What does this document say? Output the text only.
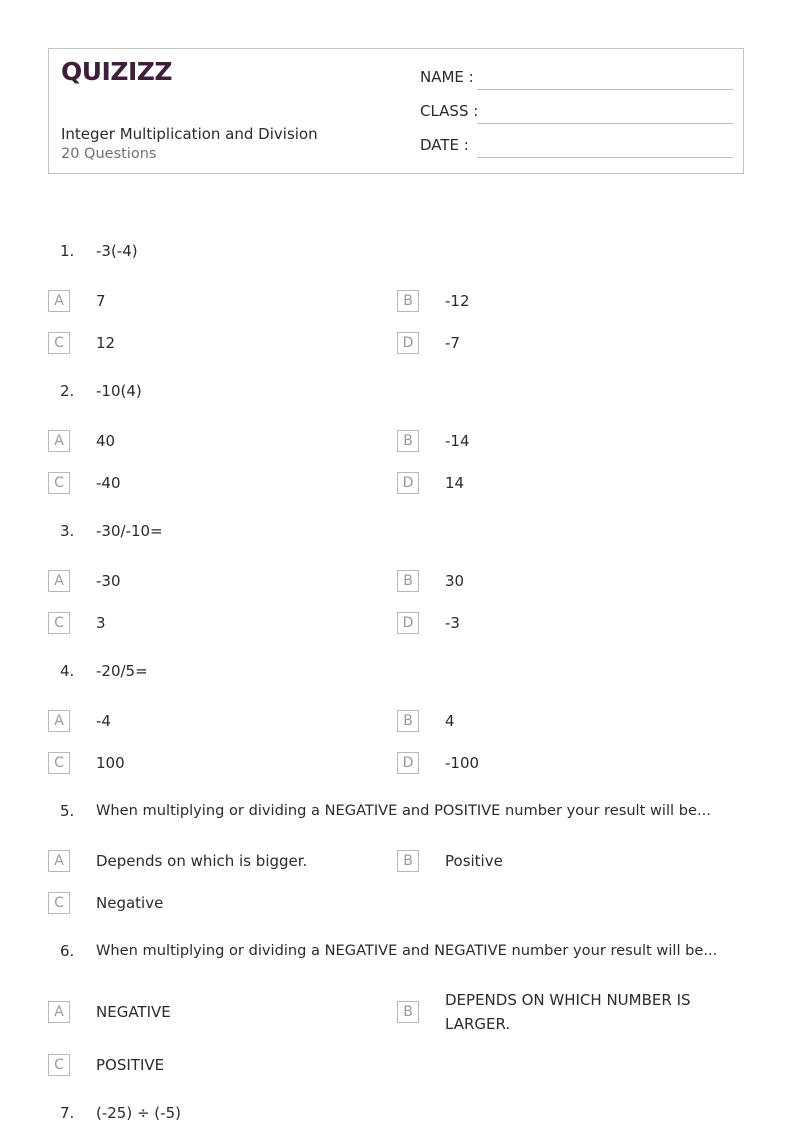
QUIZIZZ
Integer Multiplication and Division
20 Questions
NAME :
CLASS :
DATE :
1. -3(-4)
A	7	B	-12
C	12	D	-7
2. -10(4)
A	40	B	-14
C	-40	D	14
3. -30/-10=
A	-30	B	30
C	3	D	-3
4. -20/5=
A	-4	B	4
C	100	D	-100
5. When multiplying or dividing a NEGATIVE and POSITIVE number your result will be...
A	Depends on which is bigger.	B	Positive
C	Negative
6. When multiplying or dividing a NEGATIVE and NEGATIVE number your result will be...
A	NEGATIVE	B
DEPENDS ON WHICH NUMBER IS LARGER.
C	POSITIVE
7. (-25) ÷ (-5)
